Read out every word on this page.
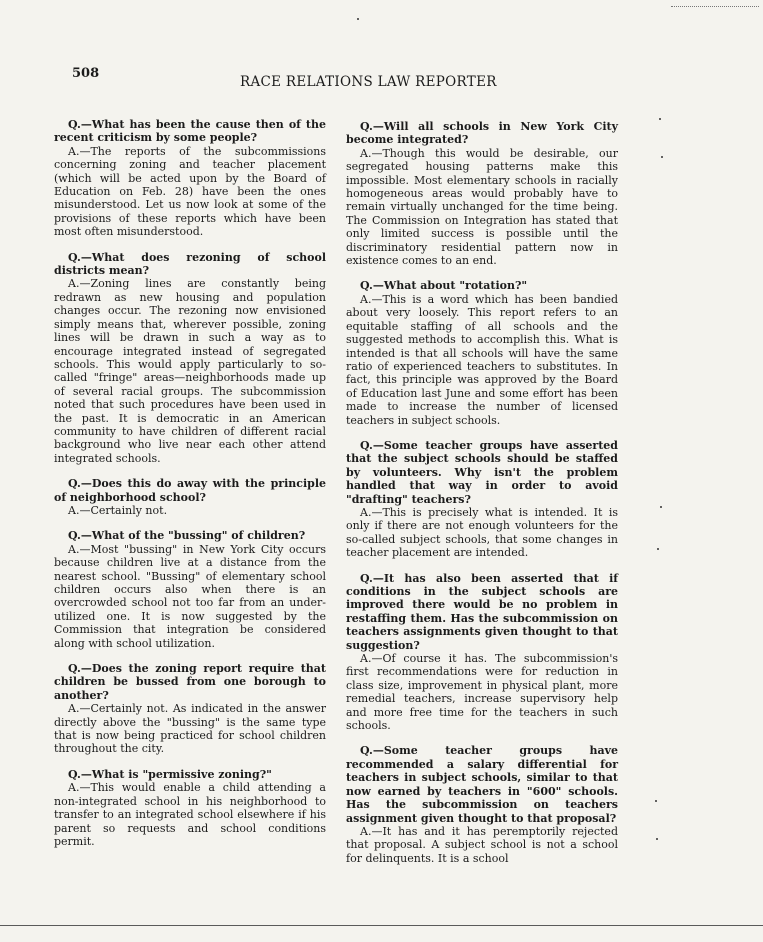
508
RACE RELATIONS LAW REPORTER

Q.—What has been the cause then of the recent criticism by some people?

A.—The reports of the subcommissions concerning zoning and teacher placement (which will be acted upon by the Board of Education on Feb. 28) have been the ones misunderstood. Let us now look at some of the provisions of these reports which have been most often misunderstood.

Q.—What does rezoning of school districts mean?

A.—Zoning lines are constantly being redrawn as new housing and population changes occur. The rezoning now envisioned simply means that, wherever possible, zoning lines will be drawn in such a way as to encourage integrated instead of segregated schools. This would apply particularly to so-called "fringe" areas—neighborhoods made up of several racial groups. The subcommission noted that such procedures have been used in the past. It is democratic in an American community to have children of different racial background who live near each other attend integrated schools.

Q.—Does this do away with the principle of neighborhood school?

A.—Certainly not.

Q.—What of the "bussing" of children?

A.—Most "bussing" in New York City occurs because children live at a distance from the nearest school. "Bussing" of elementary school children occurs also when there is an overcrowded school not too far from an under-utilized one. It is now suggested by the Commission that integration be considered along with school utilization.

Q.—Does the zoning report require that children be bussed from one borough to another?

A.—Certainly not. As indicated in the answer directly above the "bussing" is the same type that is now being practiced for school children throughout the city.

Q.—What is "permissive zoning?"

A.—This would enable a child attending a non-integrated school in his neighborhood to transfer to an integrated school elsewhere if his parent so requests and school conditions permit.

Q.—Will all schools in New York City become integrated?

A.—Though this would be desirable, our segregated housing patterns make this impossible. Most elementary schools in racially homogeneous areas would probably have to remain virtually unchanged for the time being. The Commission on Integration has stated that only limited success is possible until the discriminatory residential pattern now in existence comes to an end.

Q.—What about "rotation?"

A.—This is a word which has been bandied about very loosely. This report refers to an equitable staffing of all schools and the suggested methods to accomplish this. What is intended is that all schools will have the same ratio of experienced teachers to substitutes. In fact, this principle was approved by the Board of Education last June and some effort has been made to increase the number of licensed teachers in subject schools.

Q.—Some teacher groups have asserted that the subject schools should be staffed by volunteers. Why isn't the problem handled that way in order to avoid "drafting" teachers?

A.—This is precisely what is intended. It is only if there are not enough volunteers for the so-called subject schools, that some changes in teacher placement are intended.

Q.—It has also been asserted that if conditions in the subject schools are improved there would be no problem in restaffing them. Has the subcommission on teachers assignments given thought to that suggestion?

A.—Of course it has. The subcommission's first recommendations were for reduction in class size, improvement in physical plant, more remedial teachers, increase supervisory help and more free time for the teachers in such schools.

Q.—Some teacher groups have recommended a salary differential for teachers in subject schools, similar to that now earned by teachers in "600" schools. Has the subcommission on teachers assignment given thought to that proposal?

A.—It has and it has peremptorily rejected that proposal. A subject school is not a school for delinquents. It is a school
